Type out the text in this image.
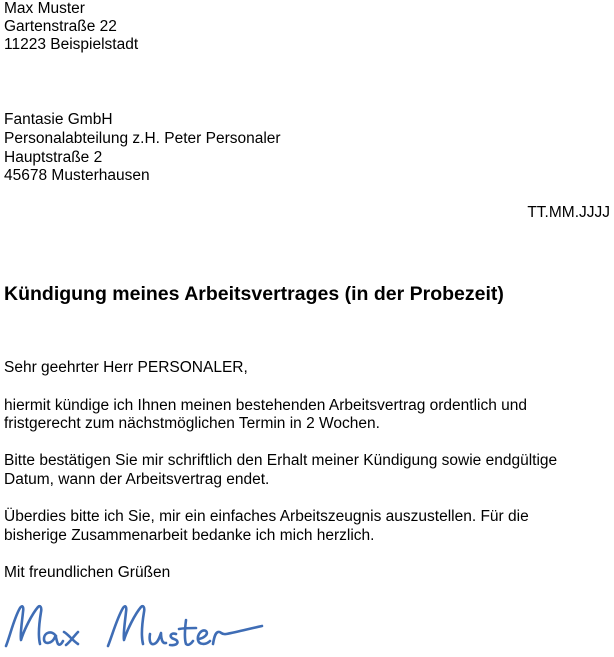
Max Muster
Gartenstraße 22
11223 Beispielstadt
Fantasie GmbH
Personalabteilung z.H. Peter Personaler
Hauptstraße 2
45678 Musterhausen
TT.MM.JJJJ
Kündigung meines Arbeitsvertrages (in der Probezeit)
Sehr geehrter Herr PERSONALER,
hiermit kündige ich Ihnen meinen bestehenden Arbeitsvertrag ordentlich und
fristgerecht zum nächstmöglichen Termin in 2 Wochen.
Bitte bestätigen Sie mir schriftlich den Erhalt meiner Kündigung sowie endgültige
Datum, wann der Arbeitsvertrag endet.
Überdies bitte ich Sie, mir ein einfaches Arbeitszeugnis auszustellen. Für die
bisherige Zusammenarbeit bedanke ich mich herzlich.
Mit freundlichen Grüßen
